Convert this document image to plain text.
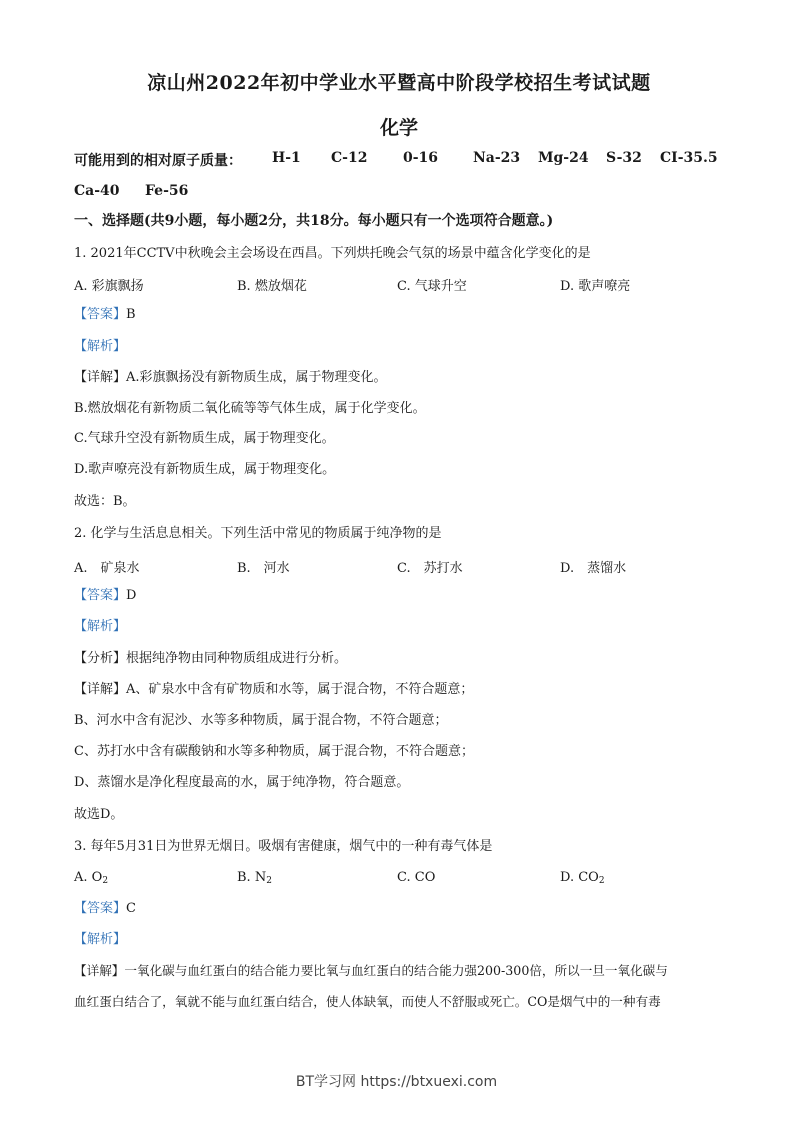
凉山州2022年初中学业水平暨高中阶段学校招生考试试题
化学
可能用到的相对原子质量： H-1 C-12	0-16 Na-23 Mg-24 S-32 CI-35.5
Ca-40 Fe-56
一、选择题(共9小题，每小题2分，共18分。每小题只有一个选项符合题意。)
1. 2021年CCTV中秋晚会主会场设在西昌。下列烘托晚会气氛的场景中蕴含化学变化的是
A. 彩旗飘扬	B. 燃放烟花	C. 气球升空	D. 歌声嘹亮
【答案】B
【解析】
【详解】A.彩旗飘扬没有新物质生成，属于物理变化。
B.燃放烟花有新物质二氧化硫等等气体生成，属于化学变化。
C.气球升空没有新物质生成，属于物理变化。
D.歌声嘹亮没有新物质生成，属于物理变化。
故选：B。
2. 化学与生活息息相关。下列生活中常见的物质属于纯净物的是
A.　矿泉水	B.　河水	C.　苏打水	D.　蒸馏水
【答案】D
【解析】
【分析】根据纯净物由同种物质组成进行分析。
【详解】A、矿泉水中含有矿物质和水等，属于混合物，不符合题意；
B、河水中含有泥沙、水等多种物质，属于混合物，不符合题意；
C、苏打水中含有碳酸钠和水等多种物质，属于混合物，不符合题意；
D、蒸馏水是净化程度最高的水，属于纯净物，符合题意。
故选D。
3. 每年5月31日为世界无烟日。吸烟有害健康，烟气中的一种有毒气体是
A. $O_2$	B. $N_2$	C. CO	D. $CO_2$
【答案】C
【解析】
【详解】一氧化碳与血红蛋白的结合能力要比氧与血红蛋白的结合能力强200-300倍，所以一旦一氧化碳与
血红蛋白结合了，氧就不能与血红蛋白结合，使人体缺氧，而使人不舒服或死亡。CO是烟气中的一种有毒
BT学习网 https://btxuexi.com
